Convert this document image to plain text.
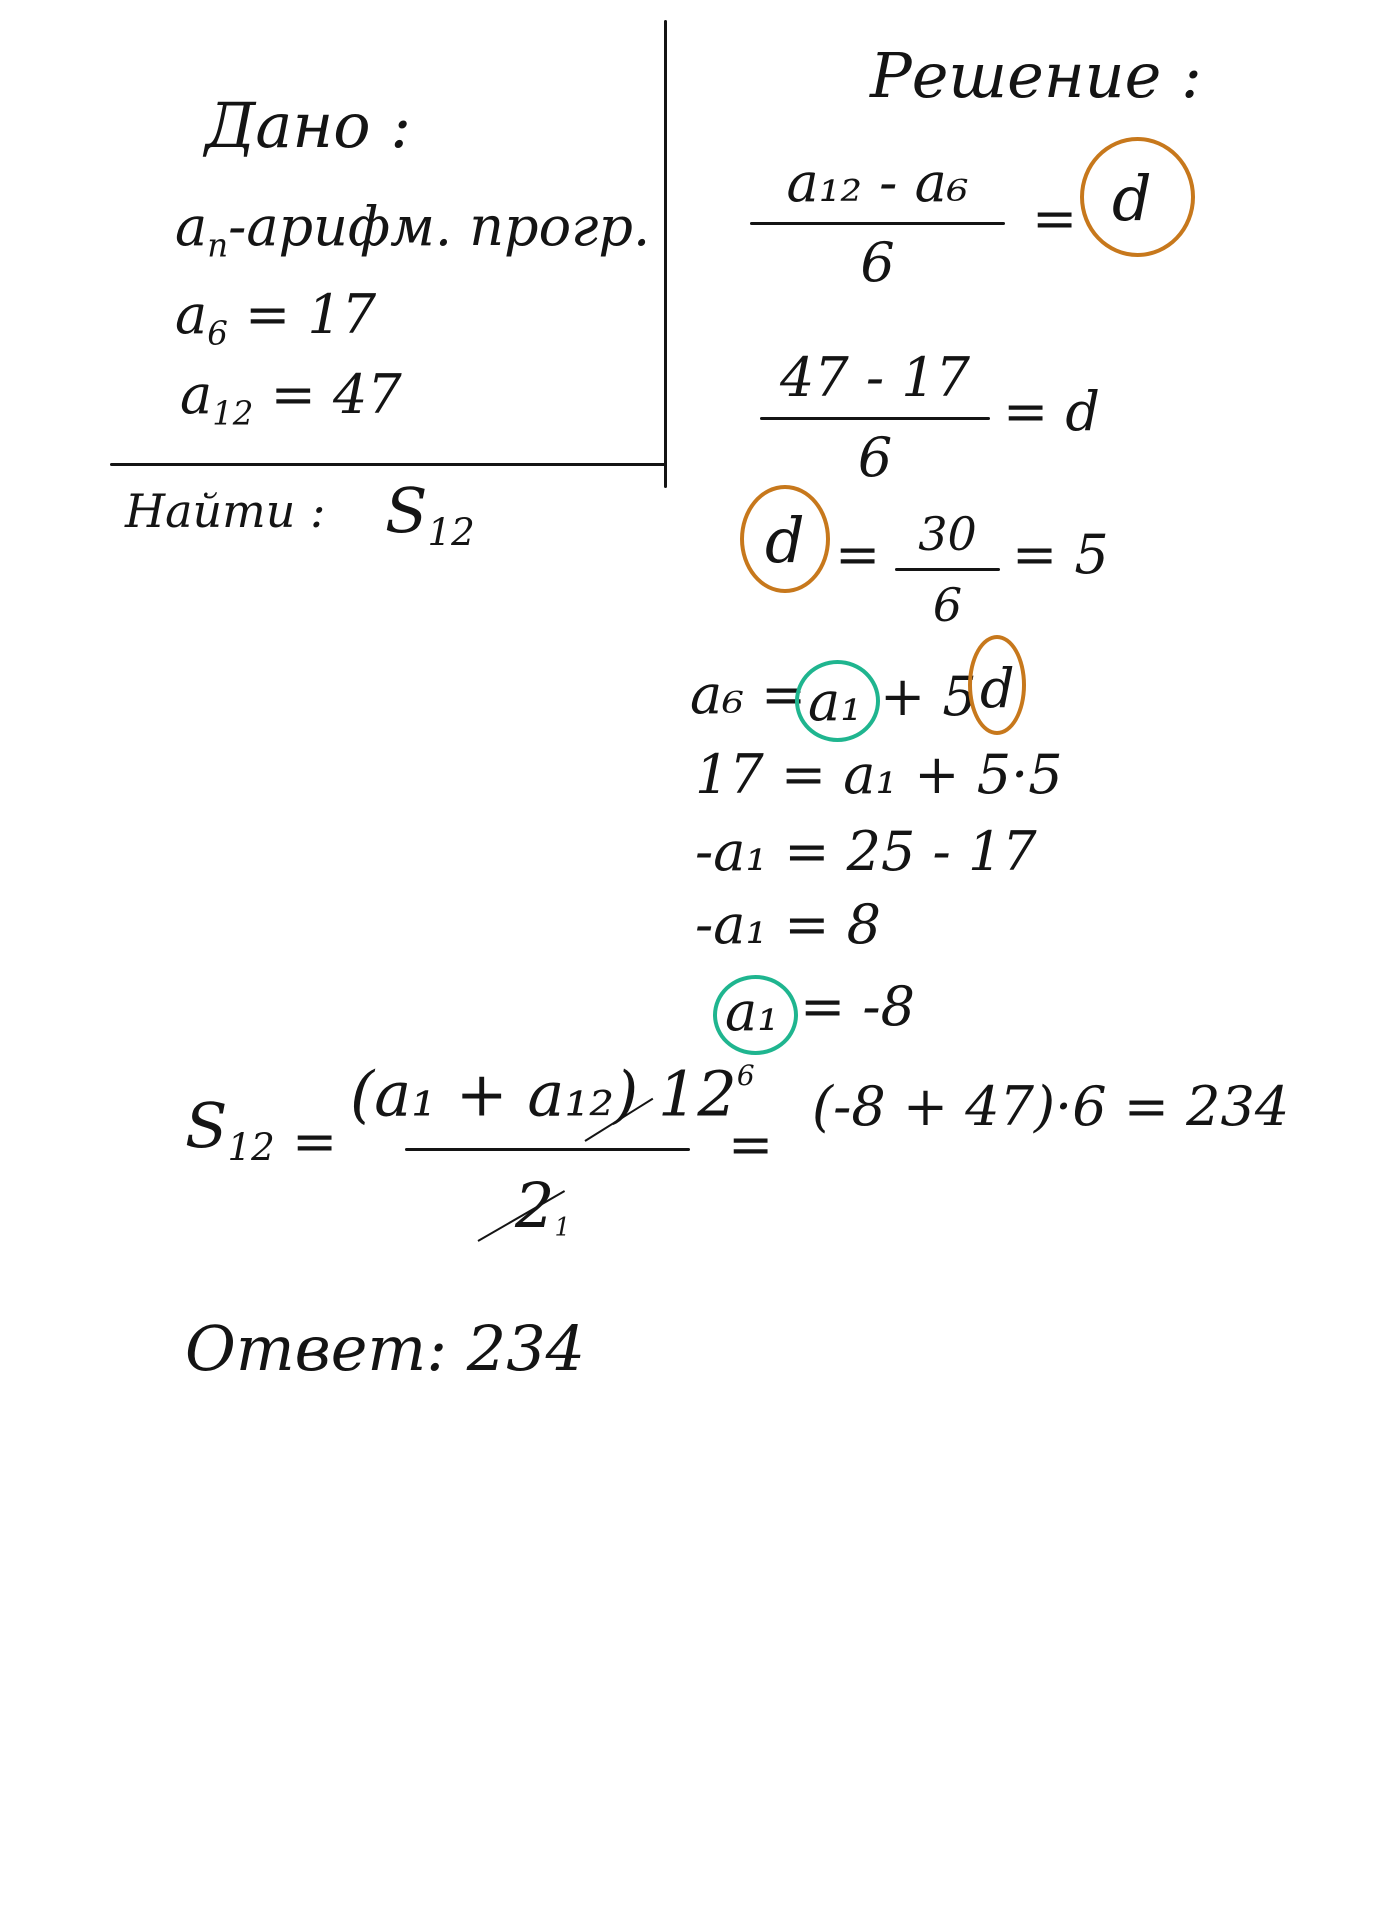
Дано :
$a_n$-арифм. прогр.
$a_6 = 17$
$a_{12} = 47$
Найти : $S_{12}$
Решение :
a₁₂ - a₆
6
= d
47 - 17
6
= d
d = 30
6
= 5
a₆ = a₁ + 5 d
17 = a₁ + 5·5
-a₁ = 25 - 17
-a₁ = 8
a₁ = -8
$S_{12}$ =
(a₁ + a₁₂) $12^6$
$2_1$
=
(-8 + 47)·6 = 234
Ответ: 234
